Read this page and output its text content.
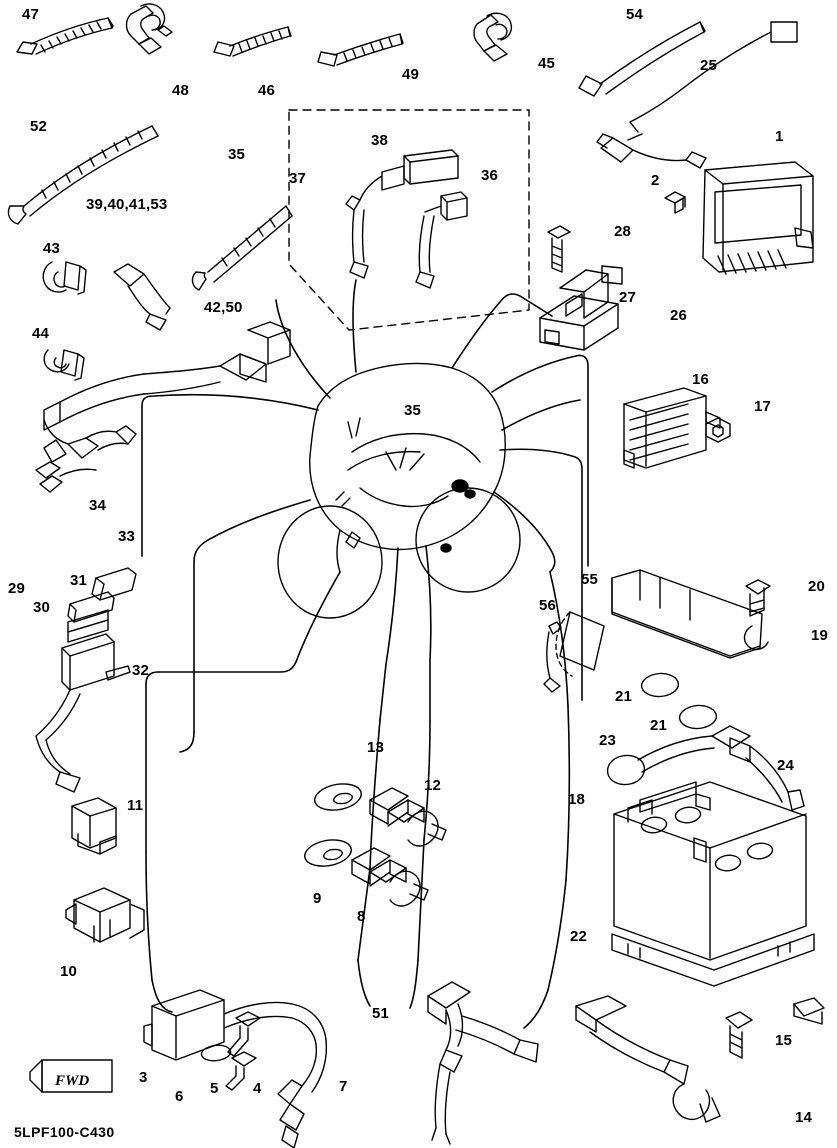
47
48	46
49
45
54
25
1
52
35
37
38
36	2
39,40,41,53
28
43
27
26
42,50
44
16
17
35
34
33
29	31
30
55	20
56
19
32
21
21
13	23
24
12
11	18
9
8
22
10
51
15
3
6 5 4	7
14
FWD
5LPF100-C430
